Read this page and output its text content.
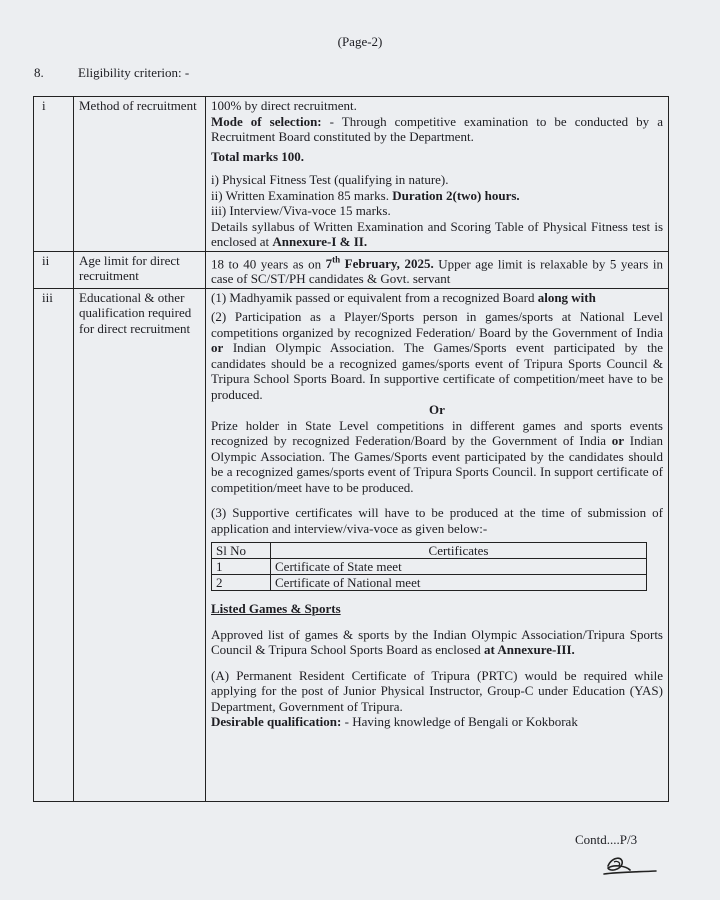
(Page-2)
8.	Eligibility criterion: -
i	Method of recruitment	100% by direct recruitment.

Mode of selection: - Through competitive examination to be conducted by a Recruitment Board constituted by the Department.

Total marks 100.

i) Physical Fitness Test (qualifying in nature).

ii) Written Examination 85 marks. Duration 2(two) hours.

iii) Interview/Viva-voce 15 marks.

Details syllabus of Written Examination and Scoring Table of Physical Fitness test is enclosed at Annexure-I & II.

ii	Age limit for direct recruitment	

18 to 40 years as on 7th February, 2025. Upper age limit is relaxable by 5 years in case of SC/ST/PH candidates & Govt. servant

iii	Educational & other qualification required for direct recruitment	

(1) Madhyamik passed or equivalent from a recognized Board along with

(2) Participation as a Player/Sports person in games/sports at National Level competitions organized by recognized Federation/ Board by the Government of India or Indian Olympic Association. The Games/Sports event participated by the candidates should be a recognized games/sports event of Tripura Sports Council & Tripura School Sports Board. In supportive certificate of competition/meet have to be produced.

Or

Prize holder in State Level competitions in different games and sports events recognized by recognized Federation/Board by the Government of India or Indian Olympic Association. The Games/Sports event participated by the candidates should be a recognized games/sports event of Tripura Sports Council. In support certificate of competition/meet have to be produced.

(3) Supportive certificates will have to be produced at the time of submission of application and interview/viva-voce as given below:-

Sl No	Certificates
1	Certificate of State meet
2	Certificate of National meet

Listed Games & Sports

Approved list of games & sports by the Indian Olympic Association/Tripura Sports Council & Tripura School Sports Board as enclosed at Annexure-III.

(A) Permanent Resident Certificate of Tripura (PRTC) would be required while applying for the post of Junior Physical Instructor, Group-C under Education (YAS) Department, Government of Tripura.

Desirable qualification: - Having knowledge of Bengali or Kokborak

Contd....P/3
